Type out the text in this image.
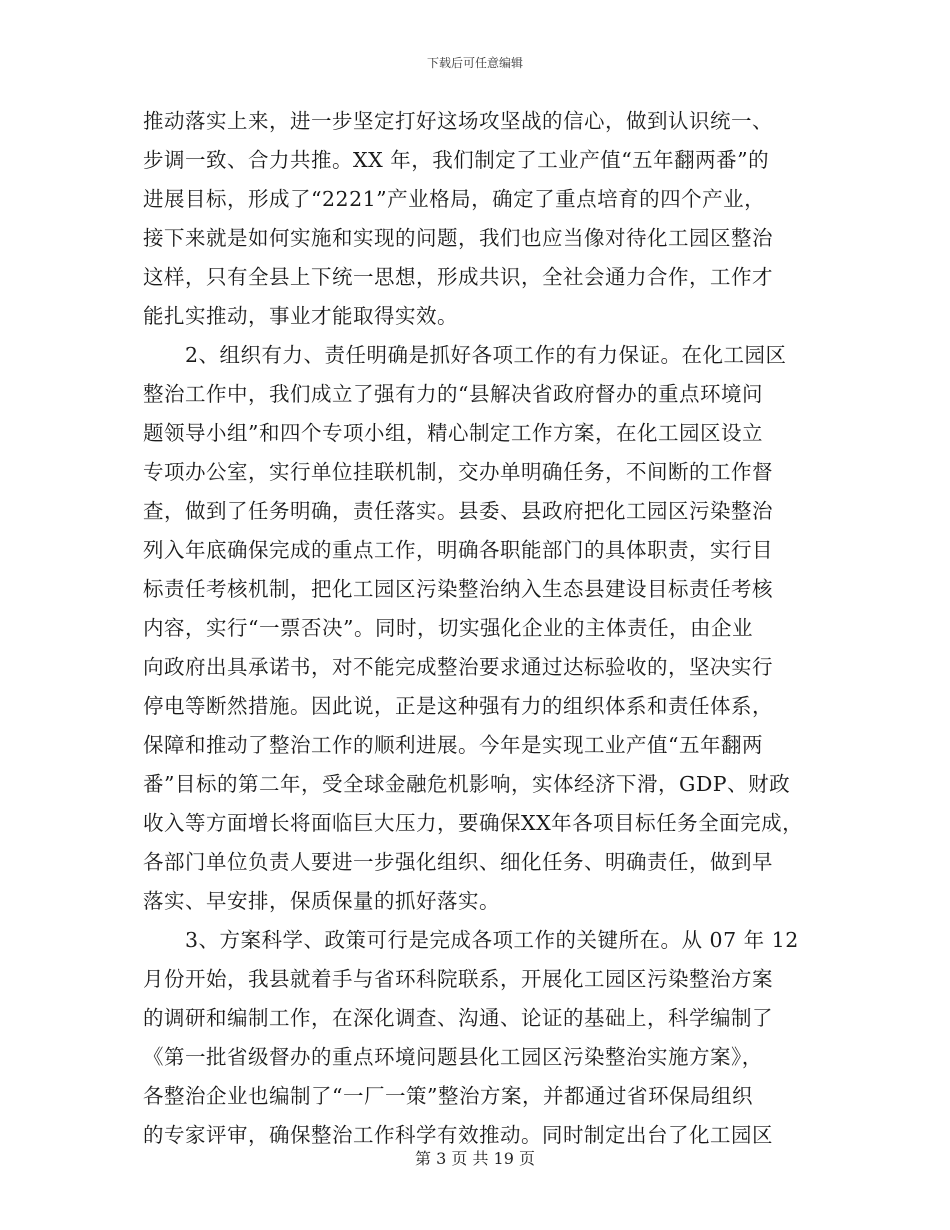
下载后可任意编辑
推动落实上来，进一步坚定打好这场攻坚战的信心，做到认识统一、
步调一致、合力共推。XX 年，我们制定了工业产值“五年翻两番”的
进展目标，形成了“2221”产业格局，确定了重点培育的四个产业，
接下来就是如何实施和实现的问题，我们也应当像对待化工园区整治
这样，只有全县上下统一思想，形成共识，全社会通力合作，工作才
能扎实推动，事业才能取得实效。
2、组织有力、责任明确是抓好各项工作的有力保证。在化工园区
整治工作中，我们成立了强有力的“县解决省政府督办的重点环境问
题领导小组”和四个专项小组，精心制定工作方案，在化工园区设立
专项办公室，实行单位挂联机制，交办单明确任务，不间断的工作督
查，做到了任务明确，责任落实。县委、县政府把化工园区污染整治
列入年底确保完成的重点工作，明确各职能部门的具体职责，实行目
标责任考核机制，把化工园区污染整治纳入生态县建设目标责任考核
内容，实行“一票否决”。同时，切实强化企业的主体责任，由企业
向政府出具承诺书，对不能完成整治要求通过达标验收的，坚决实行
停电等断然措施。因此说，正是这种强有力的组织体系和责任体系，
保障和推动了整治工作的顺利进展。今年是实现工业产值“五年翻两
番”目标的第二年，受全球金融危机影响，实体经济下滑，GDP、财政
收入等方面增长将面临巨大压力，要确保XX年各项目标任务全面完成，
各部门单位负责人要进一步强化组织、细化任务、明确责任，做到早
落实、早安排，保质保量的抓好落实。
3、方案科学、政策可行是完成各项工作的关键所在。从 07 年 12
月份开始，我县就着手与省环科院联系，开展化工园区污染整治方案
的调研和编制工作，在深化调查、沟通、论证的基础上，科学编制了
《第一批省级督办的重点环境问题县化工园区污染整治实施方案》，
各整治企业也编制了“一厂一策”整治方案，并都通过省环保局组织
的专家评审，确保整治工作科学有效推动。同时制定出台了化工园区
第 3 页 共 19 页
